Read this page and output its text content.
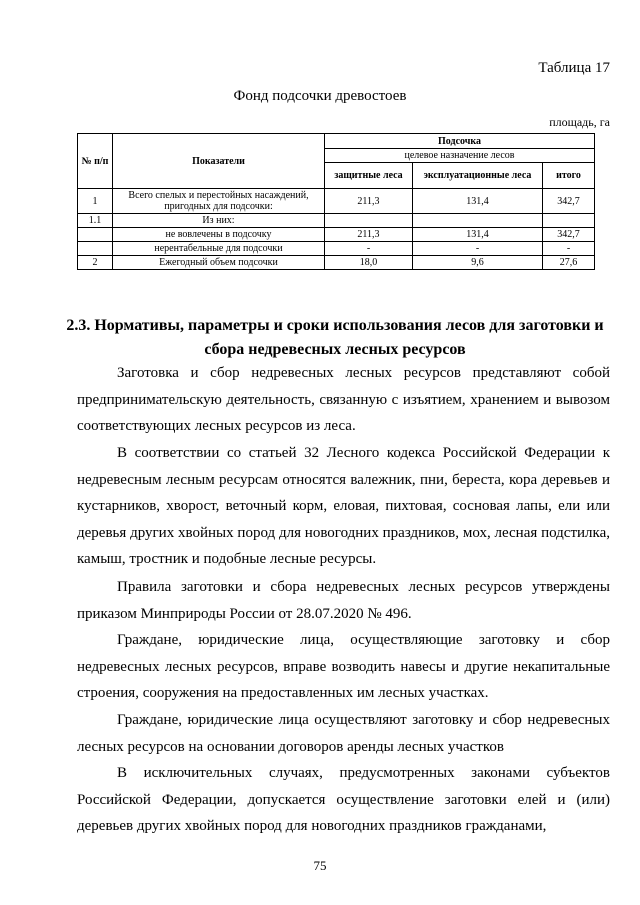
Таблица 17
Фонд подсочки древостоев
площадь, га
№ п/п	Показатели	Подсочка		
		целевое назначение лесов		
		защитные леса	эксплуатационные леса	итого
1	Всего спелых и перестойных насаждений, пригодных для подсочки:	211,3	131,4	342,7
1.1	Из них:			
	не вовлечены в подсочку	211,3	131,4	342,7
	нерентабельные для подсочки	-	-	-
2	Ежегодный объем подсочки	18,0	9,6	27,6
2.3. Нормативы, параметры и сроки использования лесов для заготовки и сбора недревесных лесных ресурсов
Заготовка и сбор недревесных лесных ресурсов представляют собой предпринимательскую деятельность, связанную с изъятием, хранением и вывозом соответствующих лесных ресурсов из леса.
В соответствии со статьей 32 Лесного кодекса Российской Федерации к недревесным лесным ресурсам относятся валежник, пни, береста, кора деревьев и кустарников, хворост, веточный корм, еловая, пихтовая, сосновая лапы, ели или деревья других хвойных пород для новогодних праздников, мох, лесная подстилка, камыш, тростник и подобные лесные ресурсы.
Правила заготовки и сбора недревесных лесных ресурсов утверждены приказом Минприроды России от 28.07.2020 № 496.
Граждане, юридические лица, осуществляющие заготовку и сбор недревесных лесных ресурсов, вправе возводить навесы и другие некапитальные строения, сооружения на предоставленных им лесных участках.
Граждане, юридические лица осуществляют заготовку и сбор недревесных лесных ресурсов на основании договоров аренды лесных участков
В исключительных случаях, предусмотренных законами субъектов Российской Федерации, допускается осуществление заготовки елей и (или) деревьев других хвойных пород для новогодних праздников гражданами,
75
